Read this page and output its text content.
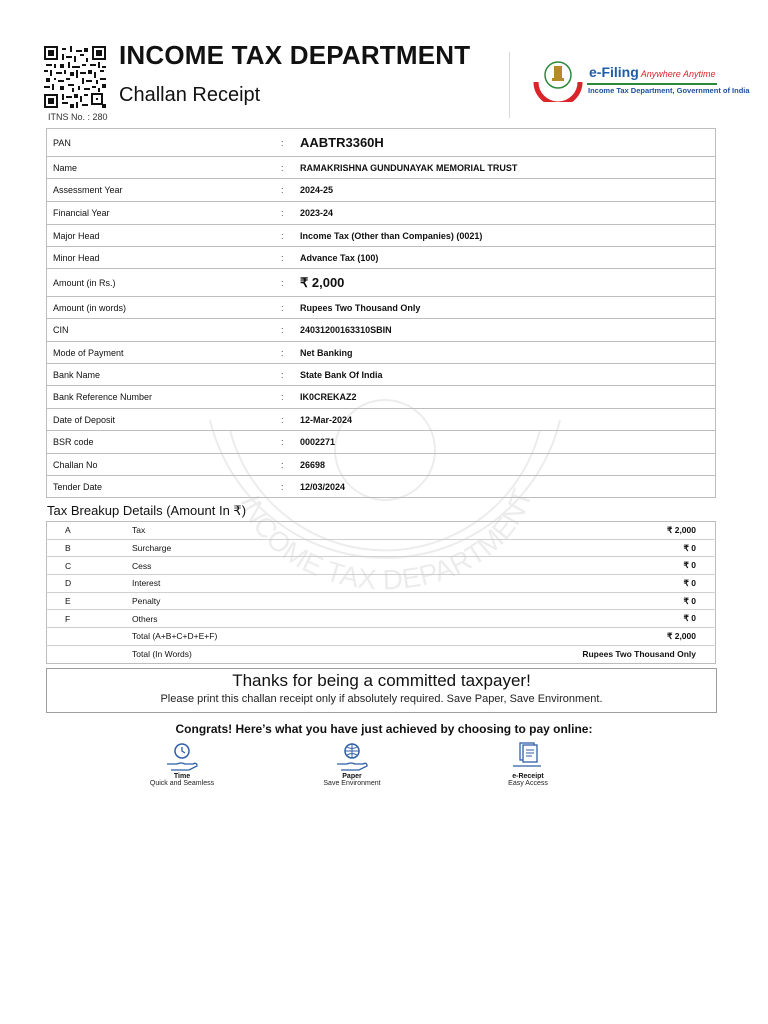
INCOME TAX DEPARTMENT
ITNS No. : 280
INCOME TAX DEPARTMENT
Challan Receipt
e-Filing Anywhere Anytime
Income Tax Department, Government of India
PAN	:	AABTR3360H
Name	:	RAMAKRISHNA GUNDUNAYAK MEMORIAL TRUST
Assessment Year	:	2024-25
Financial Year	:	2023-24
Major Head	:	Income Tax (Other than Companies) (0021)
Minor Head	:	Advance Tax (100)
Amount (in Rs.)	:	₹ 2,000
Amount (in words)	:	Rupees Two Thousand Only
CIN	:	24031200163310SBIN
Mode of Payment	:	Net Banking
Bank Name	:	State Bank Of India
Bank Reference Number	:	IK0CREKAZ2
Date of Deposit	:	12-Mar-2024
BSR code	:	0002271
Challan No	:	26698
Tender Date	:	12/03/2024
Tax Breakup Details (Amount In ₹)
A	Tax	₹ 2,000
B	Surcharge	₹ 0
C	Cess	₹ 0
D	Interest	₹ 0
E	Penalty	₹ 0
F	Others	₹ 0
	Total (A+B+C+D+E+F)	₹ 2,000
	Total (In Words)	Rupees Two Thousand Only
Thanks for being a committed taxpayer!

Please print this challan receipt only if absolutely required. Save Paper, Save Environment.

Congrats! Here’s what you have just achieved by choosing to pay online:
Time
Quick and Seamless
Paper
Save Environment
e-Receipt
Easy Access
